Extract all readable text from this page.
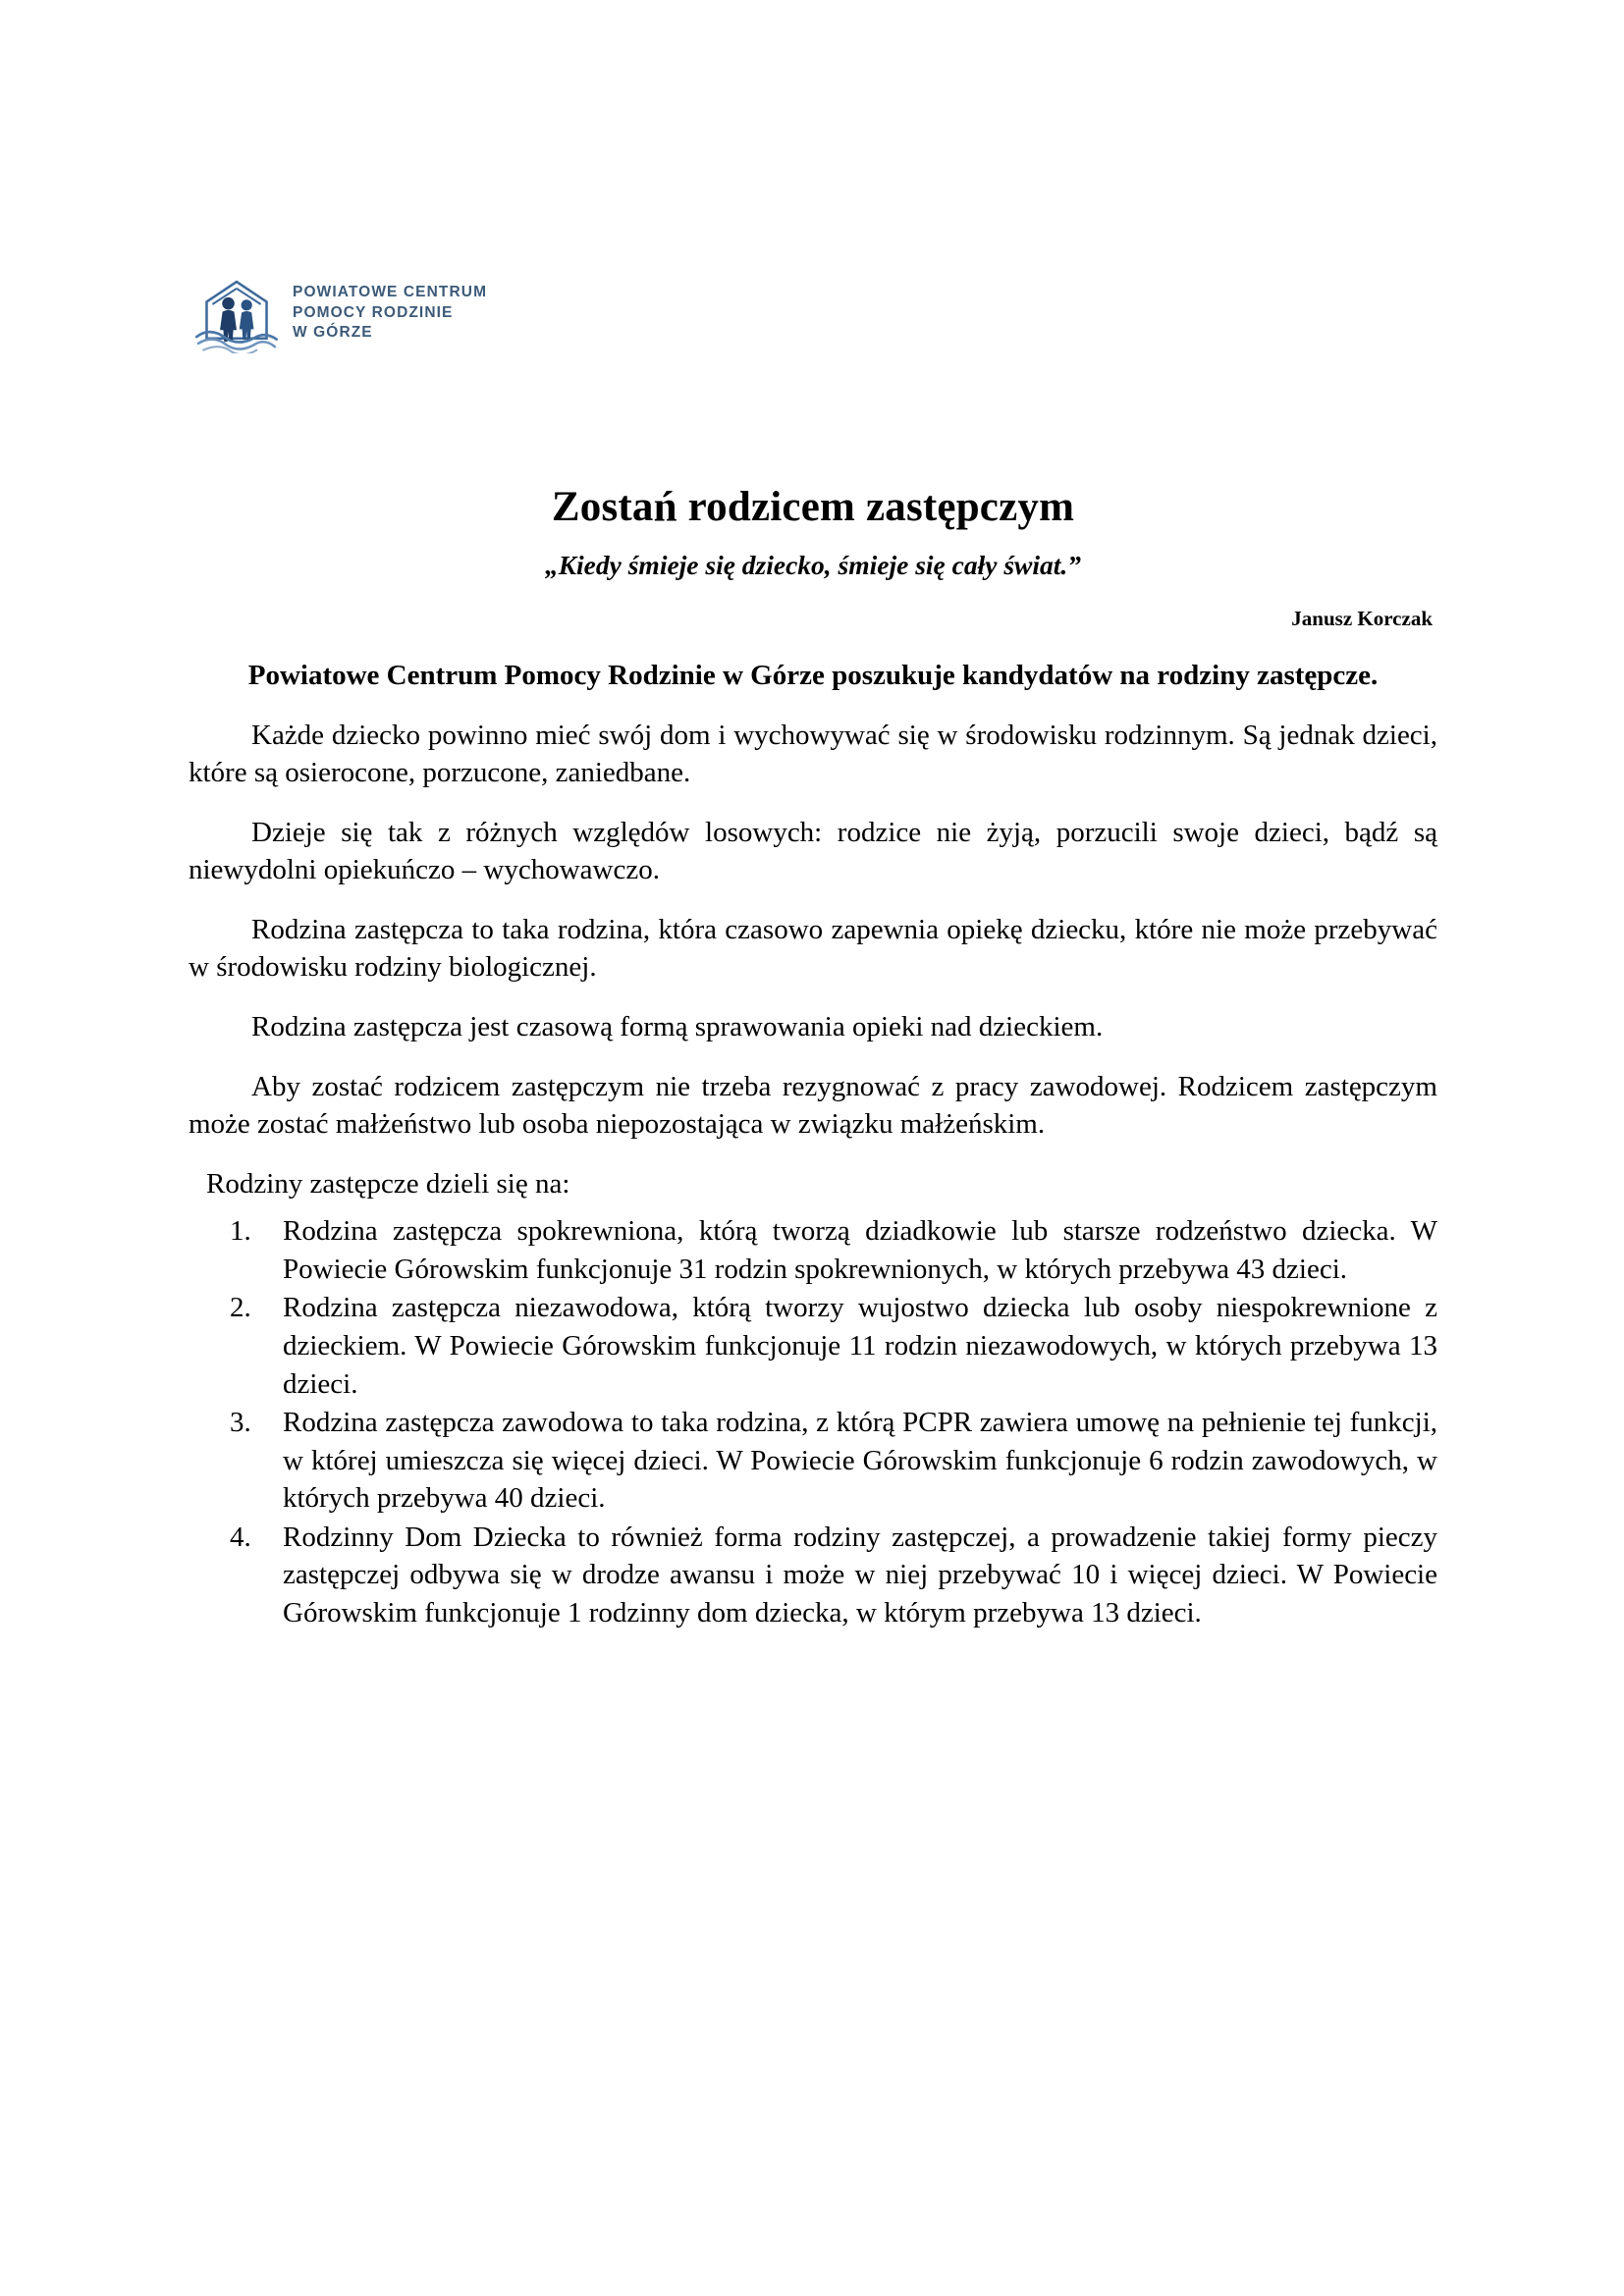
POWIATOWE CENTRUM
POMOCY RODZINIE
W GÓRZE
Zostań rodzicem zastępczym

„Kiedy śmieje się dziecko, śmieje się cały świat.”

Janusz Korczak

Powiatowe Centrum Pomocy Rodzinie w Górze poszukuje kandydatów na rodziny zastępcze.

Każde dziecko powinno mieć swój dom i wychowywać się w środowisku rodzinnym. Są jednak dzieci, które są osierocone, porzucone, zaniedbane.

Dzieje się tak z różnych względów losowych: rodzice nie żyją, porzucili swoje dzieci, bądź są niewydolni opiekuńczo – wychowawczo.

Rodzina zastępcza to taka rodzina, która czasowo zapewnia opiekę dziecku, które nie może przebywać w środowisku rodziny biologicznej.

Rodzina zastępcza jest czasową formą sprawowania opieki nad dzieckiem.

Aby zostać rodzicem zastępczym nie trzeba rezygnować z pracy zawodowej. Rodzicem zastępczym może zostać małżeństwo lub osoba niepozostająca w związku małżeńskim.

Rodziny zastępcze dzieli się na:

Rodzina zastępcza spokrewniona, którą tworzą dziadkowie lub starsze rodzeństwo dziecka. W Powiecie Górowskim funkcjonuje 31 rodzin spokrewnionych, w których przebywa 43 dzieci.
Rodzina zastępcza niezawodowa, którą tworzy wujostwo dziecka lub osoby niespokrewnione z dzieckiem. W Powiecie Górowskim funkcjonuje 11 rodzin niezawodowych, w których przebywa 13 dzieci.
Rodzina zastępcza zawodowa to taka rodzina, z którą PCPR zawiera umowę na pełnienie tej funkcji, w której umieszcza się więcej dzieci. W Powiecie Górowskim funkcjonuje 6 rodzin zawodowych, w których przebywa 40 dzieci.
Rodzinny Dom Dziecka to również forma rodziny zastępczej, a prowadzenie takiej formy pieczy zastępczej odbywa się w drodze awansu i może w niej przebywać 10 i więcej dzieci. W Powiecie Górowskim funkcjonuje 1 rodzinny dom dziecka, w którym przebywa 13 dzieci.
